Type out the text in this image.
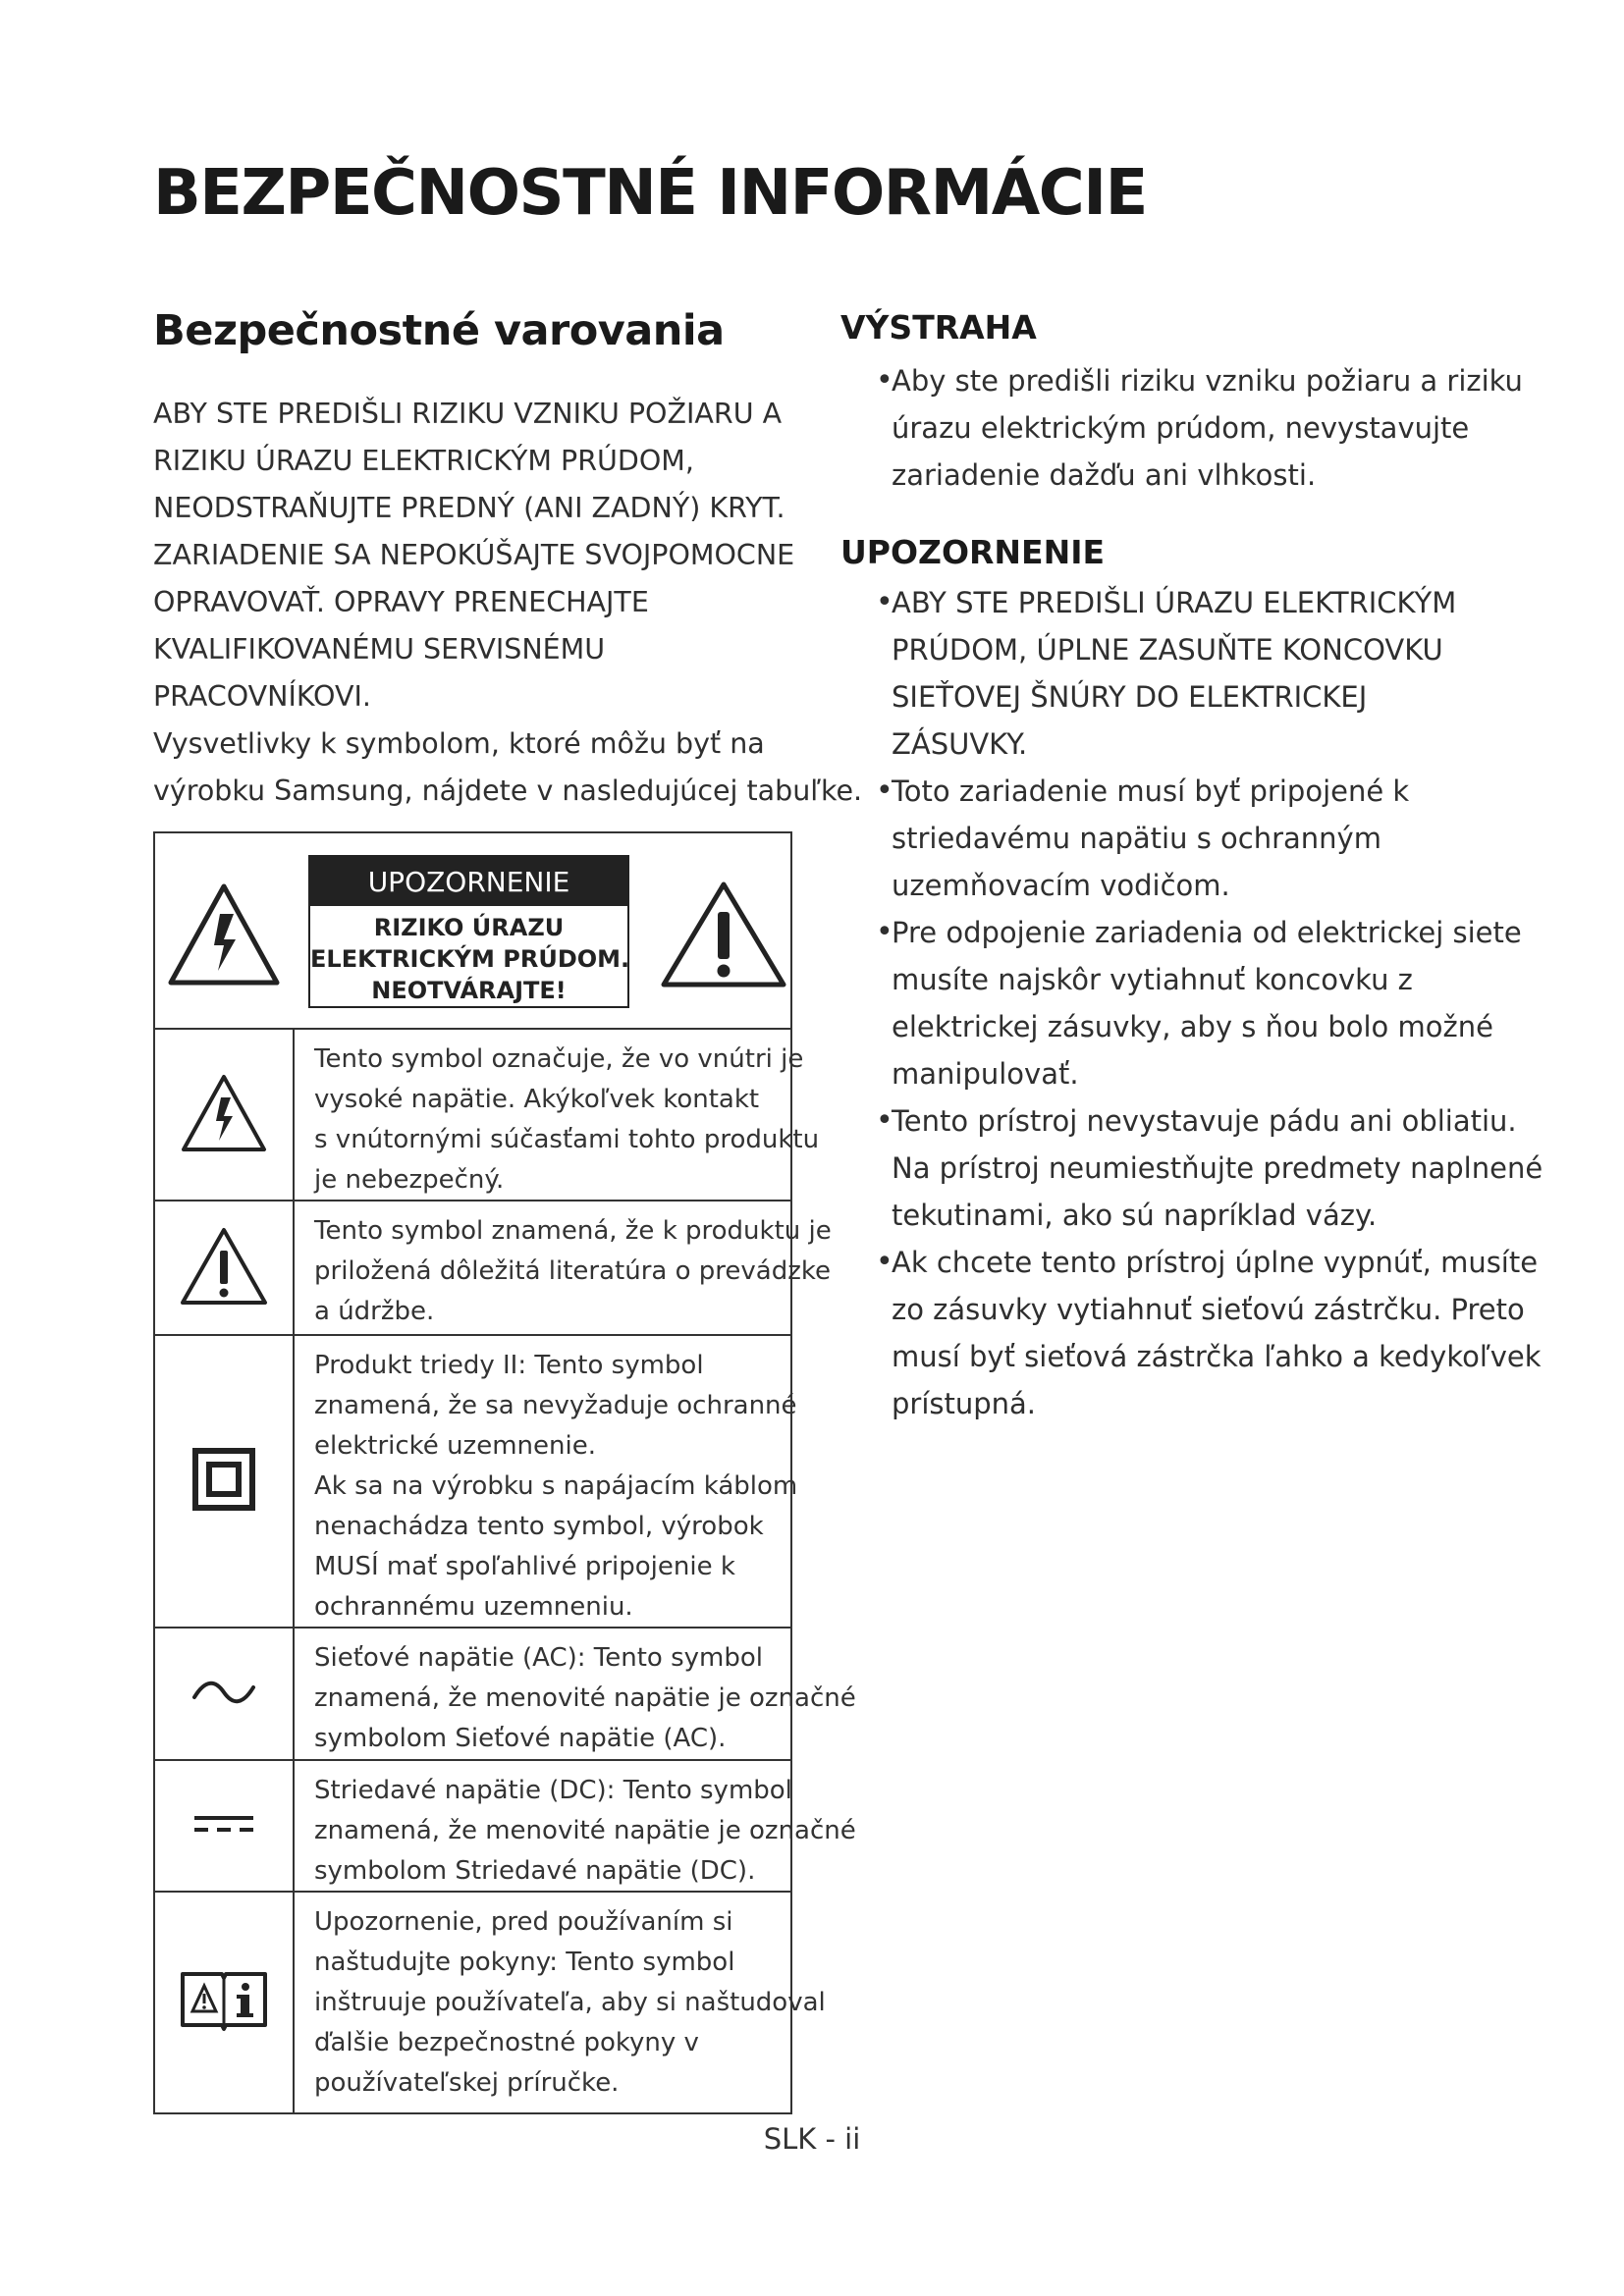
BEZPEČNOSTNÉ INFORMÁCIE
Bezpečnostné varovania
ABY STE PREDIŠLI RIZIKU VZNIKU POŽIARU A
RIZIKU ÚRAZU ELEKTRICKÝM PRÚDOM,
NEODSTRAŇUJTE PREDNÝ (ANI ZADNÝ) KRYT.
ZARIADENIE SA NEPOKÚŠAJTE SVOJPOMOCNE
OPRAVOVAŤ. OPRAVY PRENECHAJTE
KVALIFIKOVANÉMU SERVISNÉMU
PRACOVNÍKOVI.
Vysvetlivky k symbolom, ktoré môžu byť na
výrobku Samsung, nájdete v nasledujúcej tabuľke.
UPOZORNENIE
RIZIKO ÚRAZU
ELEKTRICKÝM PRÚDOM.
NEOTVÁRAJTE!
Tento symbol označuje, že vo vnútri je
vysoké napätie. Akýkoľvek kontakt
s vnútornými súčasťami tohto produktu
je nebezpečný.
Tento symbol znamená, že k produktu je
priložená dôležitá literatúra o prevádzke
a údržbe.
Produkt triedy II: Tento symbol
znamená, že sa nevyžaduje ochranné
elektrické uzemnenie.
Ak sa na výrobku s napájacím káblom
nenachádza tento symbol, výrobok
MUSÍ mať spoľahlivé pripojenie k
ochrannému uzemneniu.
Sieťové napätie (AC): Tento symbol
znamená, že menovité napätie je označné
symbolom Sieťové napätie (AC).
Striedavé napätie (DC): Tento symbol
znamená, že menovité napätie je označné
symbolom Striedavé napätie (DC).
Upozornenie, pred používaním si
naštudujte pokyny: Tento symbol
inštruuje používateľa, aby si naštudoval
ďalšie bezpečnostné pokyny v
používateľskej príručke.
VÝSTRAHA
•
Aby ste predišli riziku vzniku požiaru a riziku
úrazu elektrickým prúdom, nevystavujte
zariadenie dažďu ani vlhkosti.
UPOZORNENIE
•
ABY STE PREDIŠLI ÚRAZU ELEKTRICKÝM
PRÚDOM, ÚPLNE ZASUŇTE KONCOVKU
SIEŤOVEJ ŠNÚRY DO ELEKTRICKEJ
ZÁSUVKY.
•
Toto zariadenie musí byť pripojené k
striedavému napätiu s ochranným
uzemňovacím vodičom.
•
Pre odpojenie zariadenia od elektrickej siete
musíte najskôr vytiahnuť koncovku z
elektrickej zásuvky, aby s ňou bolo možné
manipulovať.
•
Tento prístroj nevystavuje pádu ani obliatiu.
Na prístroj neumiestňujte predmety naplnené
tekutinami, ako sú napríklad vázy.
•
Ak chcete tento prístroj úplne vypnúť, musíte
zo zásuvky vytiahnuť sieťovú zástrčku. Preto
musí byť sieťová zástrčka ľahko a kedykoľvek
prístupná.
SLK - ii
